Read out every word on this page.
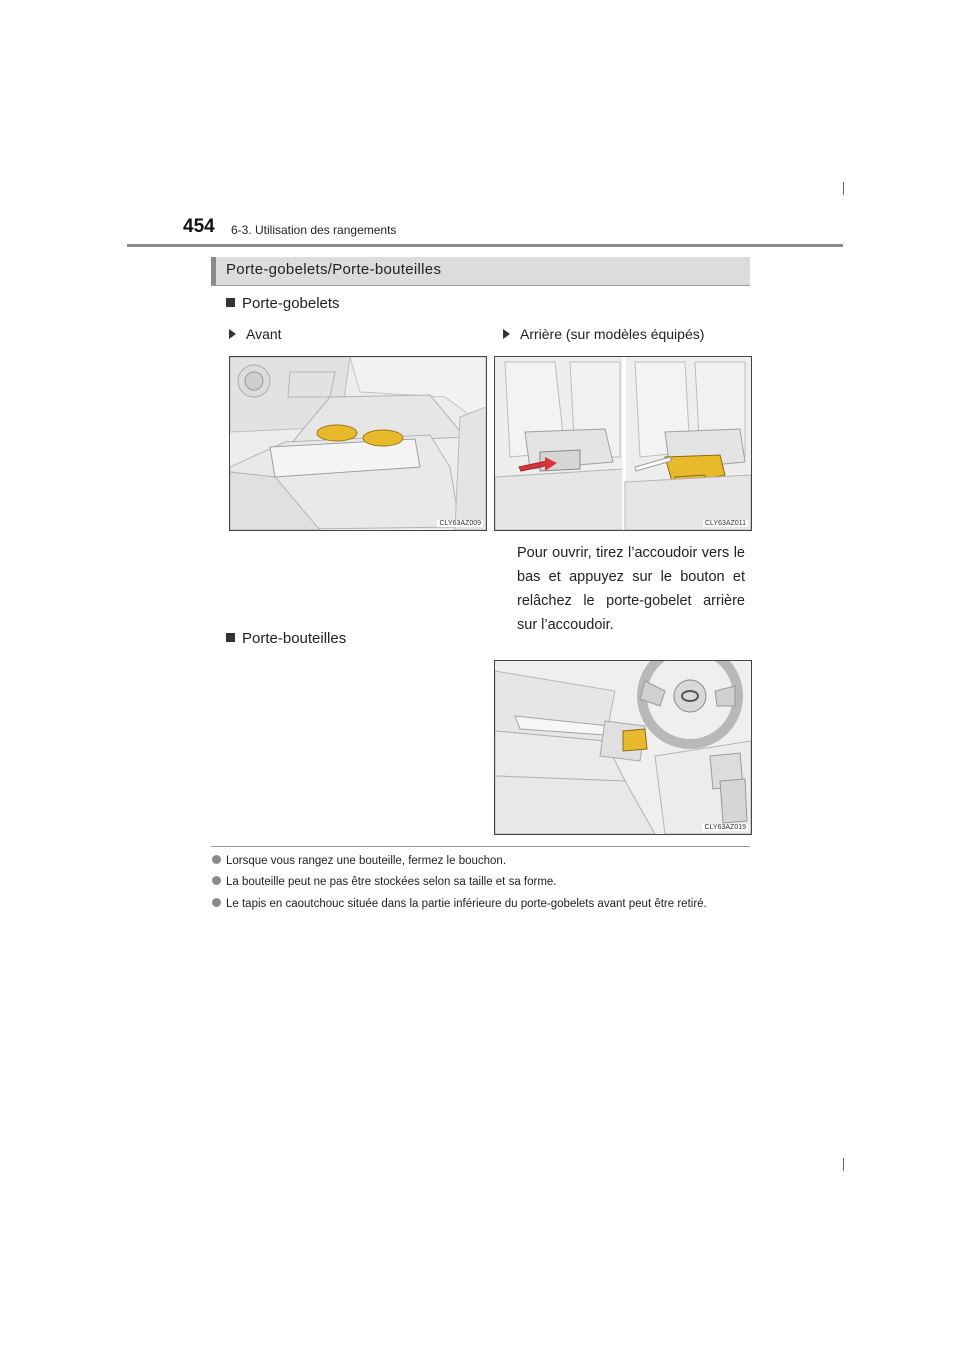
454 6-3. Utilisation des rangements
Porte-gobelets/Porte-bouteilles
Porte-gobelets
Avant	Arrière (sur modèles équipés)
CLY63AZ009	CLY63AZ011
Pour ouvrir, tirez l’accoudoir vers le bas et appuyez sur le bouton et relâchez le porte-gobelet arrière sur l’accoudoir.
Porte-bouteilles
CLY63AZ019
Lorsque vous rangez une bouteille, fermez le bouchon.
La bouteille peut ne pas être stockées selon sa taille et sa forme.
Le tapis en caoutchouc située dans la partie inférieure du porte-gobelets avant peut être retiré.
